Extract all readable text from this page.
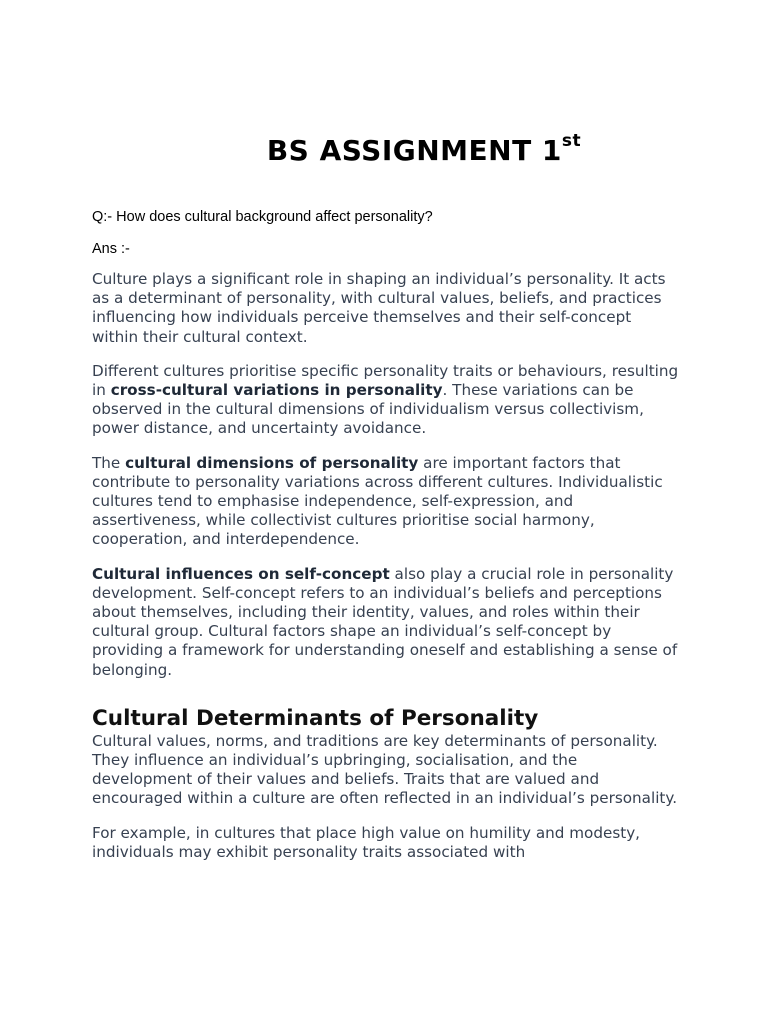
BS ASSIGNMENT 1st

Q:- How does cultural background affect personality?

Ans :-

Culture plays a significant role in shaping an individual’s personality. It acts as a determinant of personality, with cultural values, beliefs, and practices influencing how individuals perceive themselves and their self-concept within their cultural context.

Different cultures prioritise specific personality traits or behaviours, resulting in cross-cultural variations in personality. These variations can be observed in the cultural dimensions of individualism versus collectivism, power distance, and uncertainty avoidance.

The cultural dimensions of personality are important factors that contribute to personality variations across different cultures. Individualistic cultures tend to emphasise independence, self-expression, and assertiveness, while collectivist cultures prioritise social harmony, cooperation, and interdependence.

Cultural influences on self-concept also play a crucial role in personality development. Self-concept refers to an individual’s beliefs and perceptions about themselves, including their identity, values, and roles within their cultural group. Cultural factors shape an individual’s self-concept by providing a framework for understanding oneself and establishing a sense of belonging.

Cultural Determinants of Personality

Cultural values, norms, and traditions are key determinants of personality. They influence an individual’s upbringing, socialisation, and the development of their values and beliefs. Traits that are valued and encouraged within a culture are often reflected in an individual’s personality.

For example, in cultures that place high value on humility and modesty, individuals may exhibit personality traits associated with
